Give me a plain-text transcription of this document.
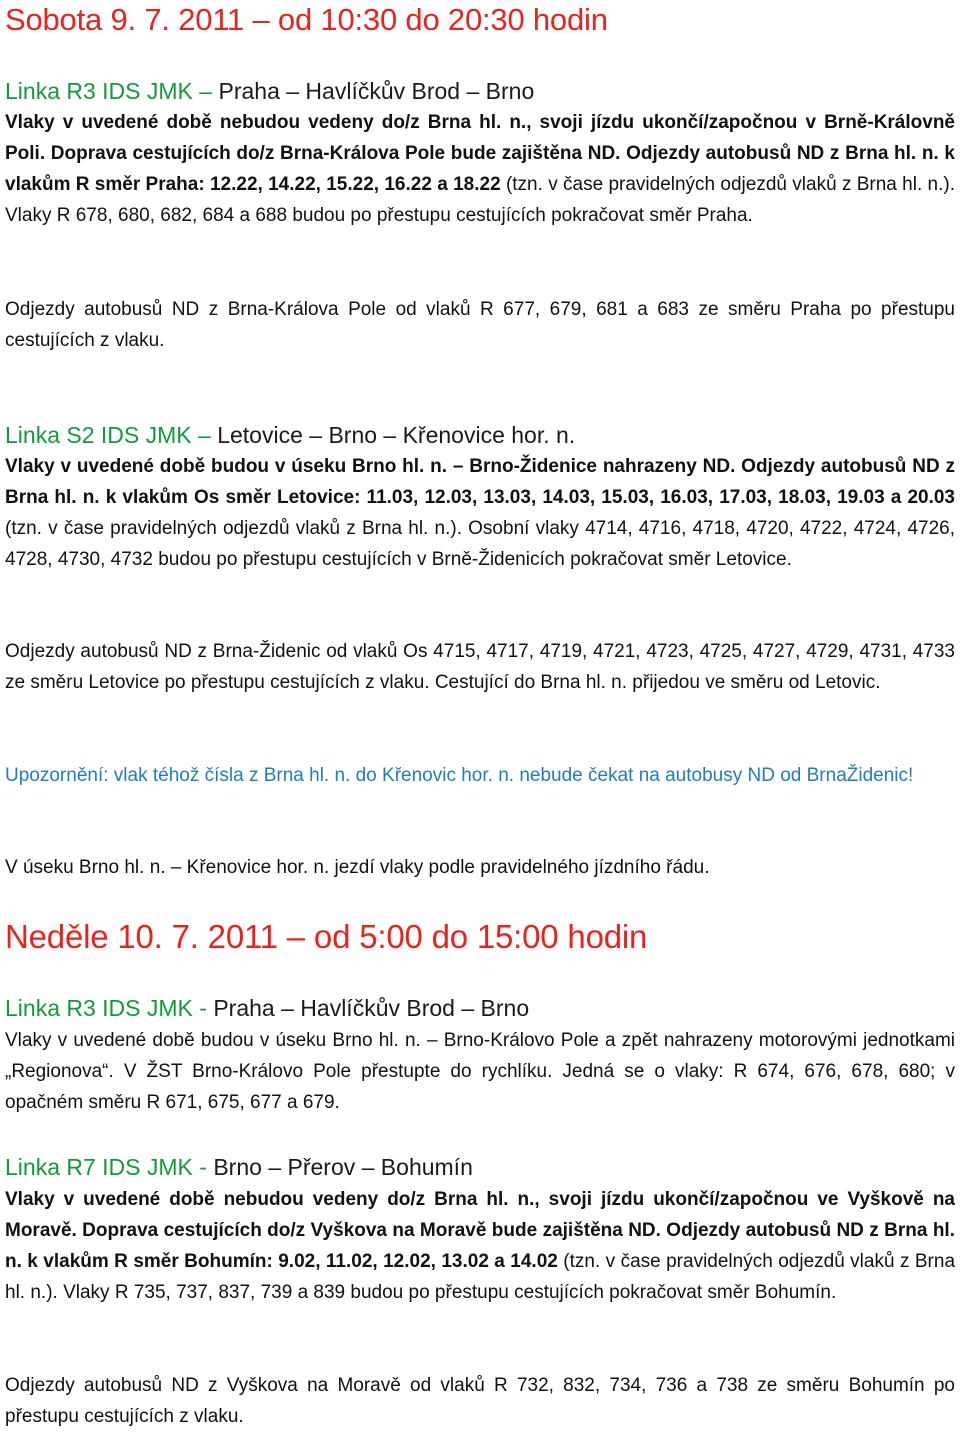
Sobota 9. 7. 2011 – od 10:30 do 20:30 hodin
Linka R3 IDS JMK – Praha – Havlíčkův Brod – Brno

Vlaky v uvedené době nebudou vedeny do/z Brna hl. n., svoji jízdu ukončí/započnou v Brně-Královně Poli. Doprava cestujících do/z Brna-Králova Pole bude zajištěna ND. Odjezdy autobusů ND z Brna hl. n. k vlakům R směr Praha: 12.22, 14.22, 15.22, 16.22 a 18.22 (tzn. v čase pravidelných odjezdů vlaků z Brna hl. n.). Vlaky R 678, 680, 682, 684 a 688 budou po přestupu cestujících pokračovat směr Praha.

Odjezdy autobusů ND z Brna-Králova Pole od vlaků R 677, 679, 681 a 683 ze směru Praha po přestupu cestujících z vlaku.

Linka S2 IDS JMK – Letovice – Brno – Křenovice hor. n.

Vlaky v uvedené době budou v úseku Brno hl. n. – Brno-Židenice nahrazeny ND. Odjezdy autobusů ND z Brna hl. n. k vlakům Os směr Letovice: 11.03, 12.03, 13.03, 14.03, 15.03, 16.03, 17.03, 18.03, 19.03 a 20.03 (tzn. v čase pravidelných odjezdů vlaků z Brna hl. n.). Osobní vlaky 4714, 4716, 4718, 4720, 4722, 4724, 4726, 4728, 4730, 4732 budou po přestupu cestujících v Brně-Židenicích pokračovat směr Letovice.

Odjezdy autobusů ND z Brna-Židenic od vlaků Os 4715, 4717, 4719, 4721, 4723, 4725, 4727, 4729, 4731, 4733 ze směru Letovice po přestupu cestujících z vlaku. Cestující do Brna hl. n. přijedou ve směru od Letovic.

Upozornění: vlak téhož čísla z Brna hl. n. do Křenovic hor. n. nebude čekat na autobusy ND od BrnaŽidenic!

V úseku Brno hl. n. – Křenovice hor. n. jezdí vlaky podle pravidelného jízdního řádu.

Neděle 10. 7. 2011 – od 5:00 do 15:00 hodin
Linka R3 IDS JMK - Praha – Havlíčkův Brod – Brno

Vlaky v uvedené době budou v úseku Brno hl. n. – Brno-Královo Pole a zpět nahrazeny motorovými jednotkami „Regionova“. V ŽST Brno-Královo Pole přestupte do rychlíku. Jedná se o vlaky: R 674, 676, 678, 680; v opačném směru R 671, 675, 677 a 679.

Linka R7 IDS JMK - Brno – Přerov – Bohumín

Vlaky v uvedené době nebudou vedeny do/z Brna hl. n., svoji jízdu ukončí/započnou ve Vyškově na Moravě. Doprava cestujících do/z Vyškova na Moravě bude zajištěna ND. Odjezdy autobusů ND z Brna hl. n. k vlakům R směr Bohumín: 9.02, 11.02, 12.02, 13.02 a 14.02 (tzn. v čase pravidelných odjezdů vlaků z Brna hl. n.). Vlaky R 735, 737, 837, 739 a 839 budou po přestupu cestujících pokračovat směr Bohumín.

Odjezdy autobusů ND z Vyškova na Moravě od vlaků R 732, 832, 734, 736 a 738 ze směru Bohumín po přestupu cestujících z vlaku.
